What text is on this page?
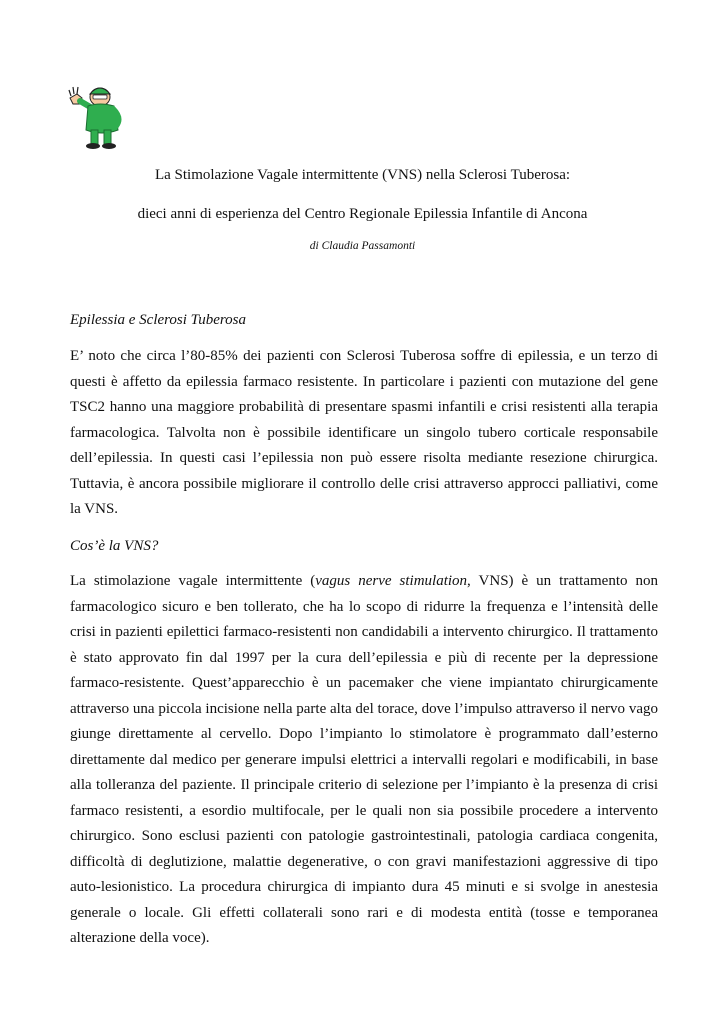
La Stimolazione Vagale intermittente (VNS) nella Sclerosi Tuberosa:

dieci anni di esperienza del Centro Regionale Epilessia Infantile di Ancona

di Claudia Passamonti

Epilessia e Sclerosi Tuberosa

E’ noto che circa l’80-85% dei pazienti con Sclerosi Tuberosa soffre di epilessia, e un terzo di questi è affetto da epilessia farmaco resistente. In particolare i pazienti con mutazione del gene TSC2 hanno una maggiore probabilità di presentare spasmi infantili e crisi resistenti alla terapia farmacologica. Talvolta non è possibile identificare un singolo tubero corticale responsabile dell’epilessia. In questi casi l’epilessia non può essere risolta mediante resezione chirurgica. Tuttavia, è ancora possibile migliorare il controllo delle crisi attraverso approcci palliativi, come la VNS.

Cos’è la VNS?

La stimolazione vagale intermittente (vagus nerve stimulation, VNS) è un trattamento non farmacologico sicuro e ben tollerato, che ha lo scopo di ridurre la frequenza e l’intensità delle crisi in pazienti epilettici farmaco-resistenti non candidabili a intervento chirurgico. Il trattamento è stato approvato fin dal 1997 per la cura dell’epilessia e più di recente per la depressione farmaco-resistente. Quest’apparecchio è un pacemaker che viene impiantato chirurgicamente attraverso una piccola incisione nella parte alta del torace, dove l’impulso attraverso il nervo vago giunge direttamente al cervello. Dopo l’impianto lo stimolatore è programmato dall’esterno direttamente dal medico per generare impulsi elettrici a intervalli regolari e modificabili, in base alla tolleranza del paziente. Il principale criterio di selezione per l’impianto è la presenza di crisi farmaco resistenti, a esordio multifocale, per le quali non sia possibile procedere a intervento chirurgico. Sono esclusi pazienti con patologie gastrointestinali, patologia cardiaca congenita, difficoltà di deglutizione, malattie degenerative, o con gravi manifestazioni aggressive di tipo auto-lesionistico. La procedura chirurgica di impianto dura 45 minuti e si svolge in anestesia generale o locale. Gli effetti collaterali sono rari e di modesta entità (tosse e temporanea alterazione della voce).
